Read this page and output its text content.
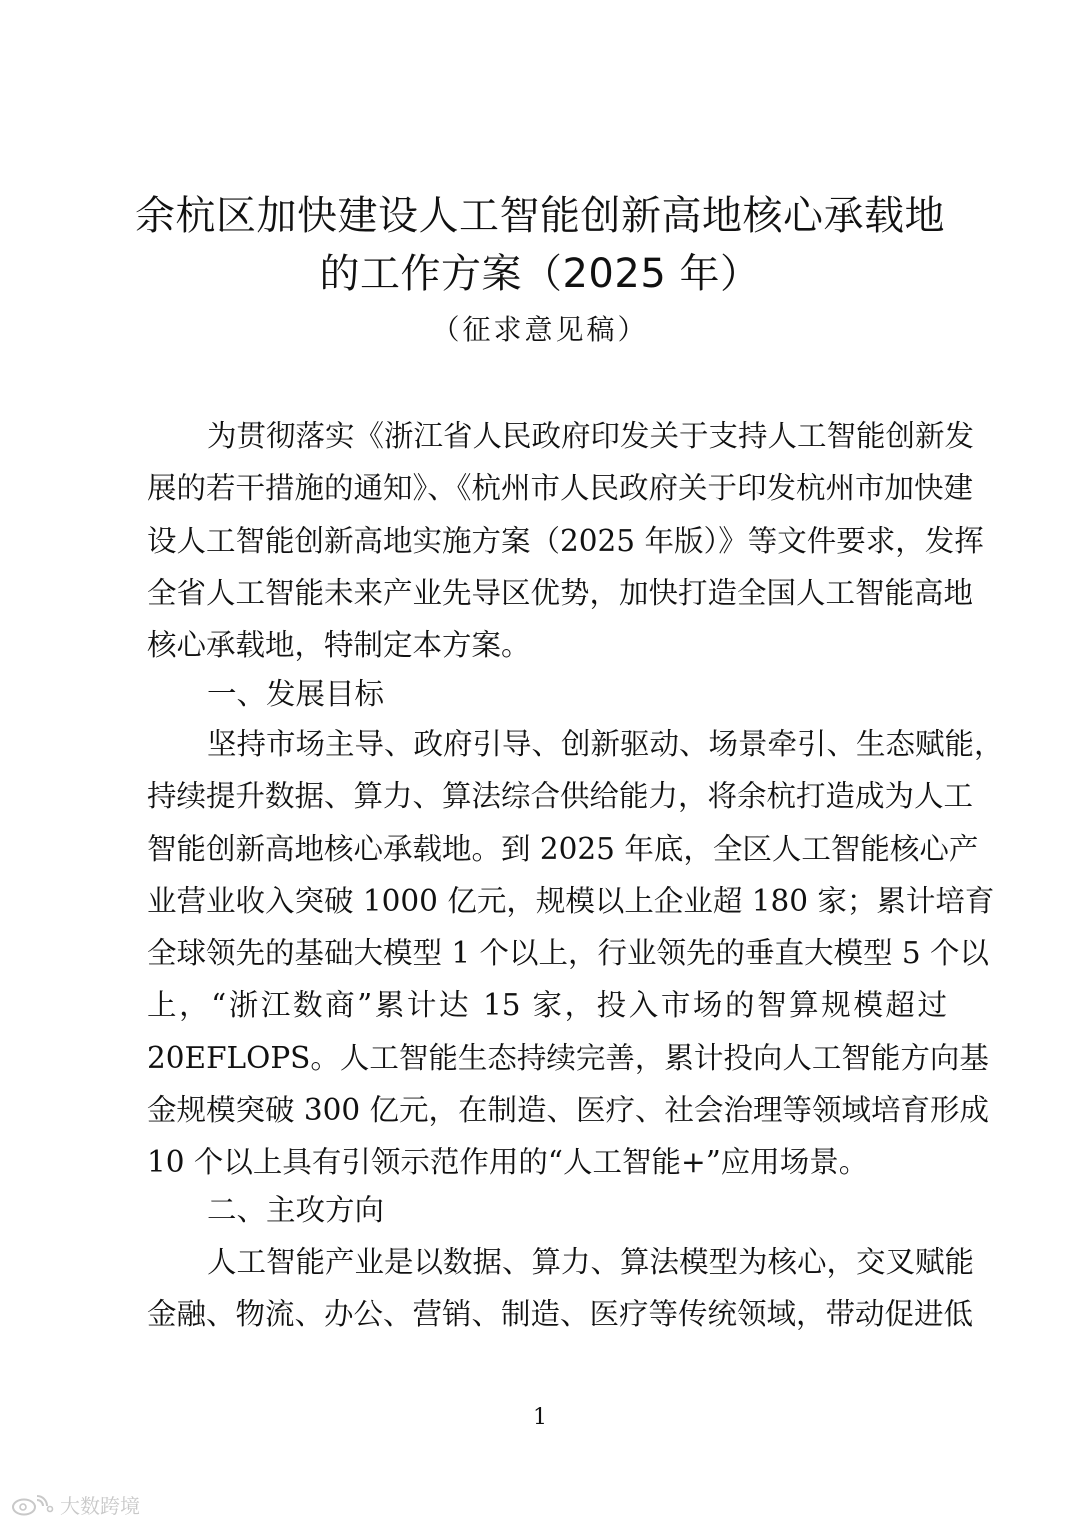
余杭区加快建设人工智能创新高地核心承载地
的工作方案（2025 年）
（征求意见稿）
为贯彻落实《浙江省人民政府印发关于支持人工智能创新发
展的若干措施的通知》、《杭州市人民政府关于印发杭州市加快建
设人工智能创新高地实施方案（2025 年版）》等文件要求，发挥
全省人工智能未来产业先导区优势，加快打造全国人工智能高地
核心承载地，特制定本方案。
一、发展目标
坚持市场主导、政府引导、创新驱动、场景牵引、生态赋能，
持续提升数据、算力、算法综合供给能力，将余杭打造成为人工
智能创新高地核心承载地。到 2025 年底，全区人工智能核心产
业营业收入突破 1000 亿元，规模以上企业超 180 家；累计培育
全球领先的基础大模型 1 个以上，行业领先的垂直大模型 5 个以
上，“浙江数商”累计达 15 家，投入市场的智算规模超过
20EFLOPS。人工智能生态持续完善，累计投向人工智能方向基
金规模突破 300 亿元，在制造、医疗、社会治理等领域培育形成
10 个以上具有引领示范作用的“人工智能+”应用场景。
二、主攻方向
人工智能产业是以数据、算力、算法模型为核心，交叉赋能
金融、物流、办公、营销、制造、医疗等传统领域，带动促进低
1
大数跨境
